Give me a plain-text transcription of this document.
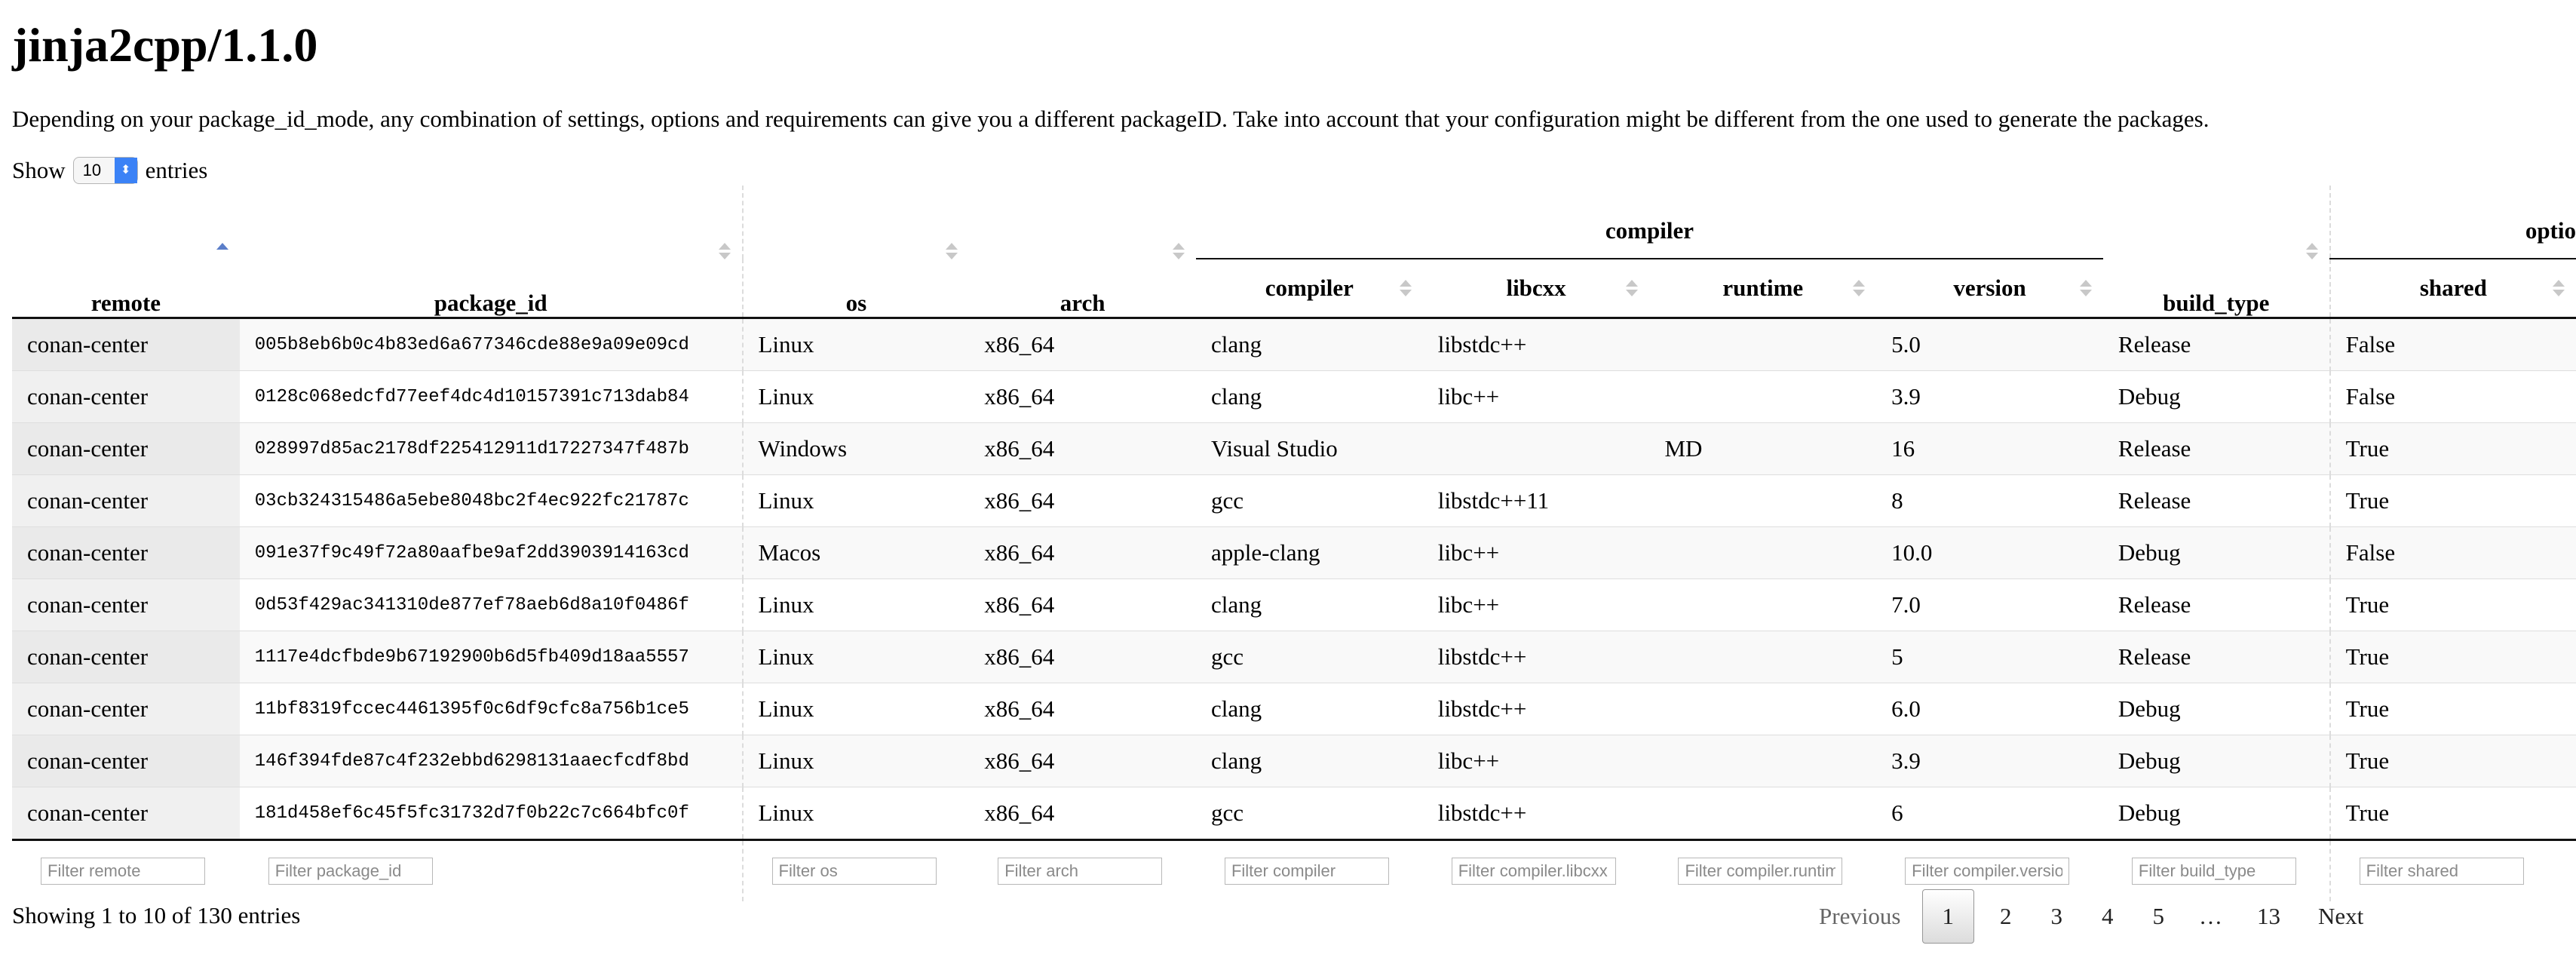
jinja2cpp/1.1.0

Depending on your package_id_mode, any combination of settings, options and requirements can give you a different packageID. Take into account that your configuration might be different from the one used to generate the packages.

Show 10	⬍ entries
remote	package_id	os	arch	compiler				build_type	optio
				compiler	libcxx	runtime	version		shared

conan-center	005b8eb6b0c4b83ed6a677346cde88e9a09e09cd	Linux	x86_64	clang	libstdc++		5.0	Release	False
conan-center	0128c068edcfd77eef4dc4d10157391c713dab84	Linux	x86_64	clang	libc++		3.9	Debug	False
conan-center	028997d85ac2178df225412911d17227347f487b	Windows	x86_64	Visual Studio		MD	16	Release	True
conan-center	03cb324315486a5ebe8048bc2f4ec922fc21787c	Linux	x86_64	gcc	libstdc++11		8	Release	True
conan-center	091e37f9c49f72a80aafbe9af2dd3903914163cd	Macos	x86_64	apple-clang	libc++		10.0	Debug	False
conan-center	0d53f429ac341310de877ef78aeb6d8a10f0486f	Linux	x86_64	clang	libc++		7.0	Release	True
conan-center	1117e4dcfbde9b67192900b6d5fb409d18aa5557	Linux	x86_64	gcc	libstdc++		5	Release	True
conan-center	11bf8319fccec4461395f0c6df9cfc8a756b1ce5	Linux	x86_64	clang	libstdc++		6.0	Debug	True
conan-center	146f394fde87c4f232ebbd6298131aaecfcdf8bd	Linux	x86_64	clang	libc++		3.9	Debug	True
conan-center	181d458ef6c45f5fc31732d7f0b22c7c664bfc0f	Linux	x86_64	gcc	libstdc++		6	Debug	True
Filter remote	Filter package_id	Filter os	Filter arch	Filter compiler	Filter compiler.libcxx	Filter compiler.runtime	Filter compiler.version	Filter build_type	Filter shared
Showing 1 to 10 of 130 entries	Previous	1	2	3	4	5	…	13	Next
